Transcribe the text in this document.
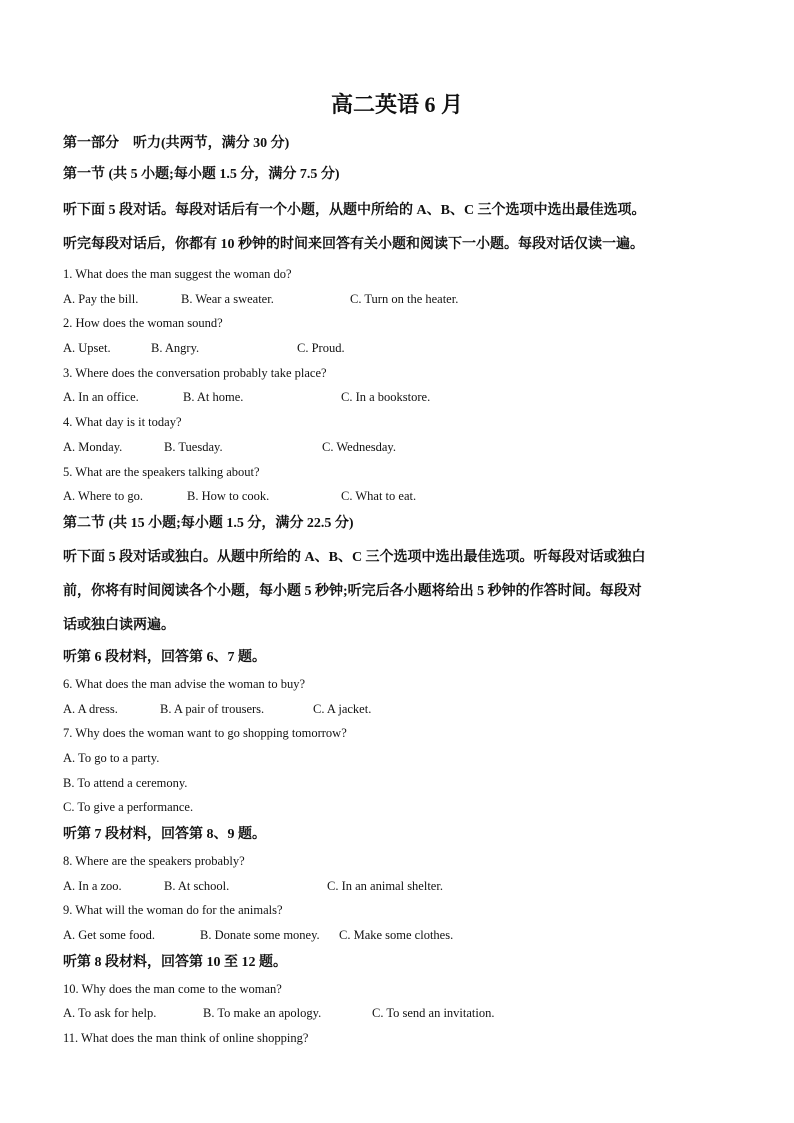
高二英语 6 月
第一部分　听力(共两节，满分 30 分)
第一节 (共 5 小题;每小题 1.5 分，满分 7.5 分)
听下面 5 段对话。每段对话后有一个小题，从题中所给的 A、B、C 三个选项中选出最佳选项。
听完每段对话后，你都有 10 秒钟的时间来回答有关小题和阅读下一小题。每段对话仅读一遍。
1. What does the man suggest the woman do?
A. Pay the bill.	B. Wear a sweater.	C. Turn on the heater.
2. How does the woman sound?
A. Upset.	B. Angry.	C. Proud.
3. Where does the conversation probably take place?
A. In an office.	B. At home.	C. In a bookstore.
4. What day is it today?
A. Monday.	B. Tuesday.	C. Wednesday.
5. What are the speakers talking about?
A. Where to go.	B. How to cook.	C. What to eat.
第二节 (共 15 小题;每小题 1.5 分，满分 22.5 分)
听下面 5 段对话或独白。从题中所给的 A、B、C 三个选项中选出最佳选项。听每段对话或独白
前，你将有时间阅读各个小题，每小题 5 秒钟;听完后各小题将给出 5 秒钟的作答时间。每段对
话或独白读两遍。
听第 6 段材料，回答第 6、7 题。
6. What does the man advise the woman to buy?
A. A dress.	B. A pair of trousers.	C. A jacket.
7. Why does the woman want to go shopping tomorrow?
A. To go to a party.
B. To attend a ceremony.
C. To give a performance.
听第 7 段材料，回答第 8、9 题。
8. Where are the speakers probably?
A. In a zoo.	B. At school.	C. In an animal shelter.
9. What will the woman do for the animals?
A. Get some food.	B. Donate some money. C. Make some clothes.
听第 8 段材料，回答第 10 至 12 题。
10. Why does the man come to the woman?
A. To ask for help.	B. To make an apology.	C. To send an invitation.
11. What does the man think of online shopping?
